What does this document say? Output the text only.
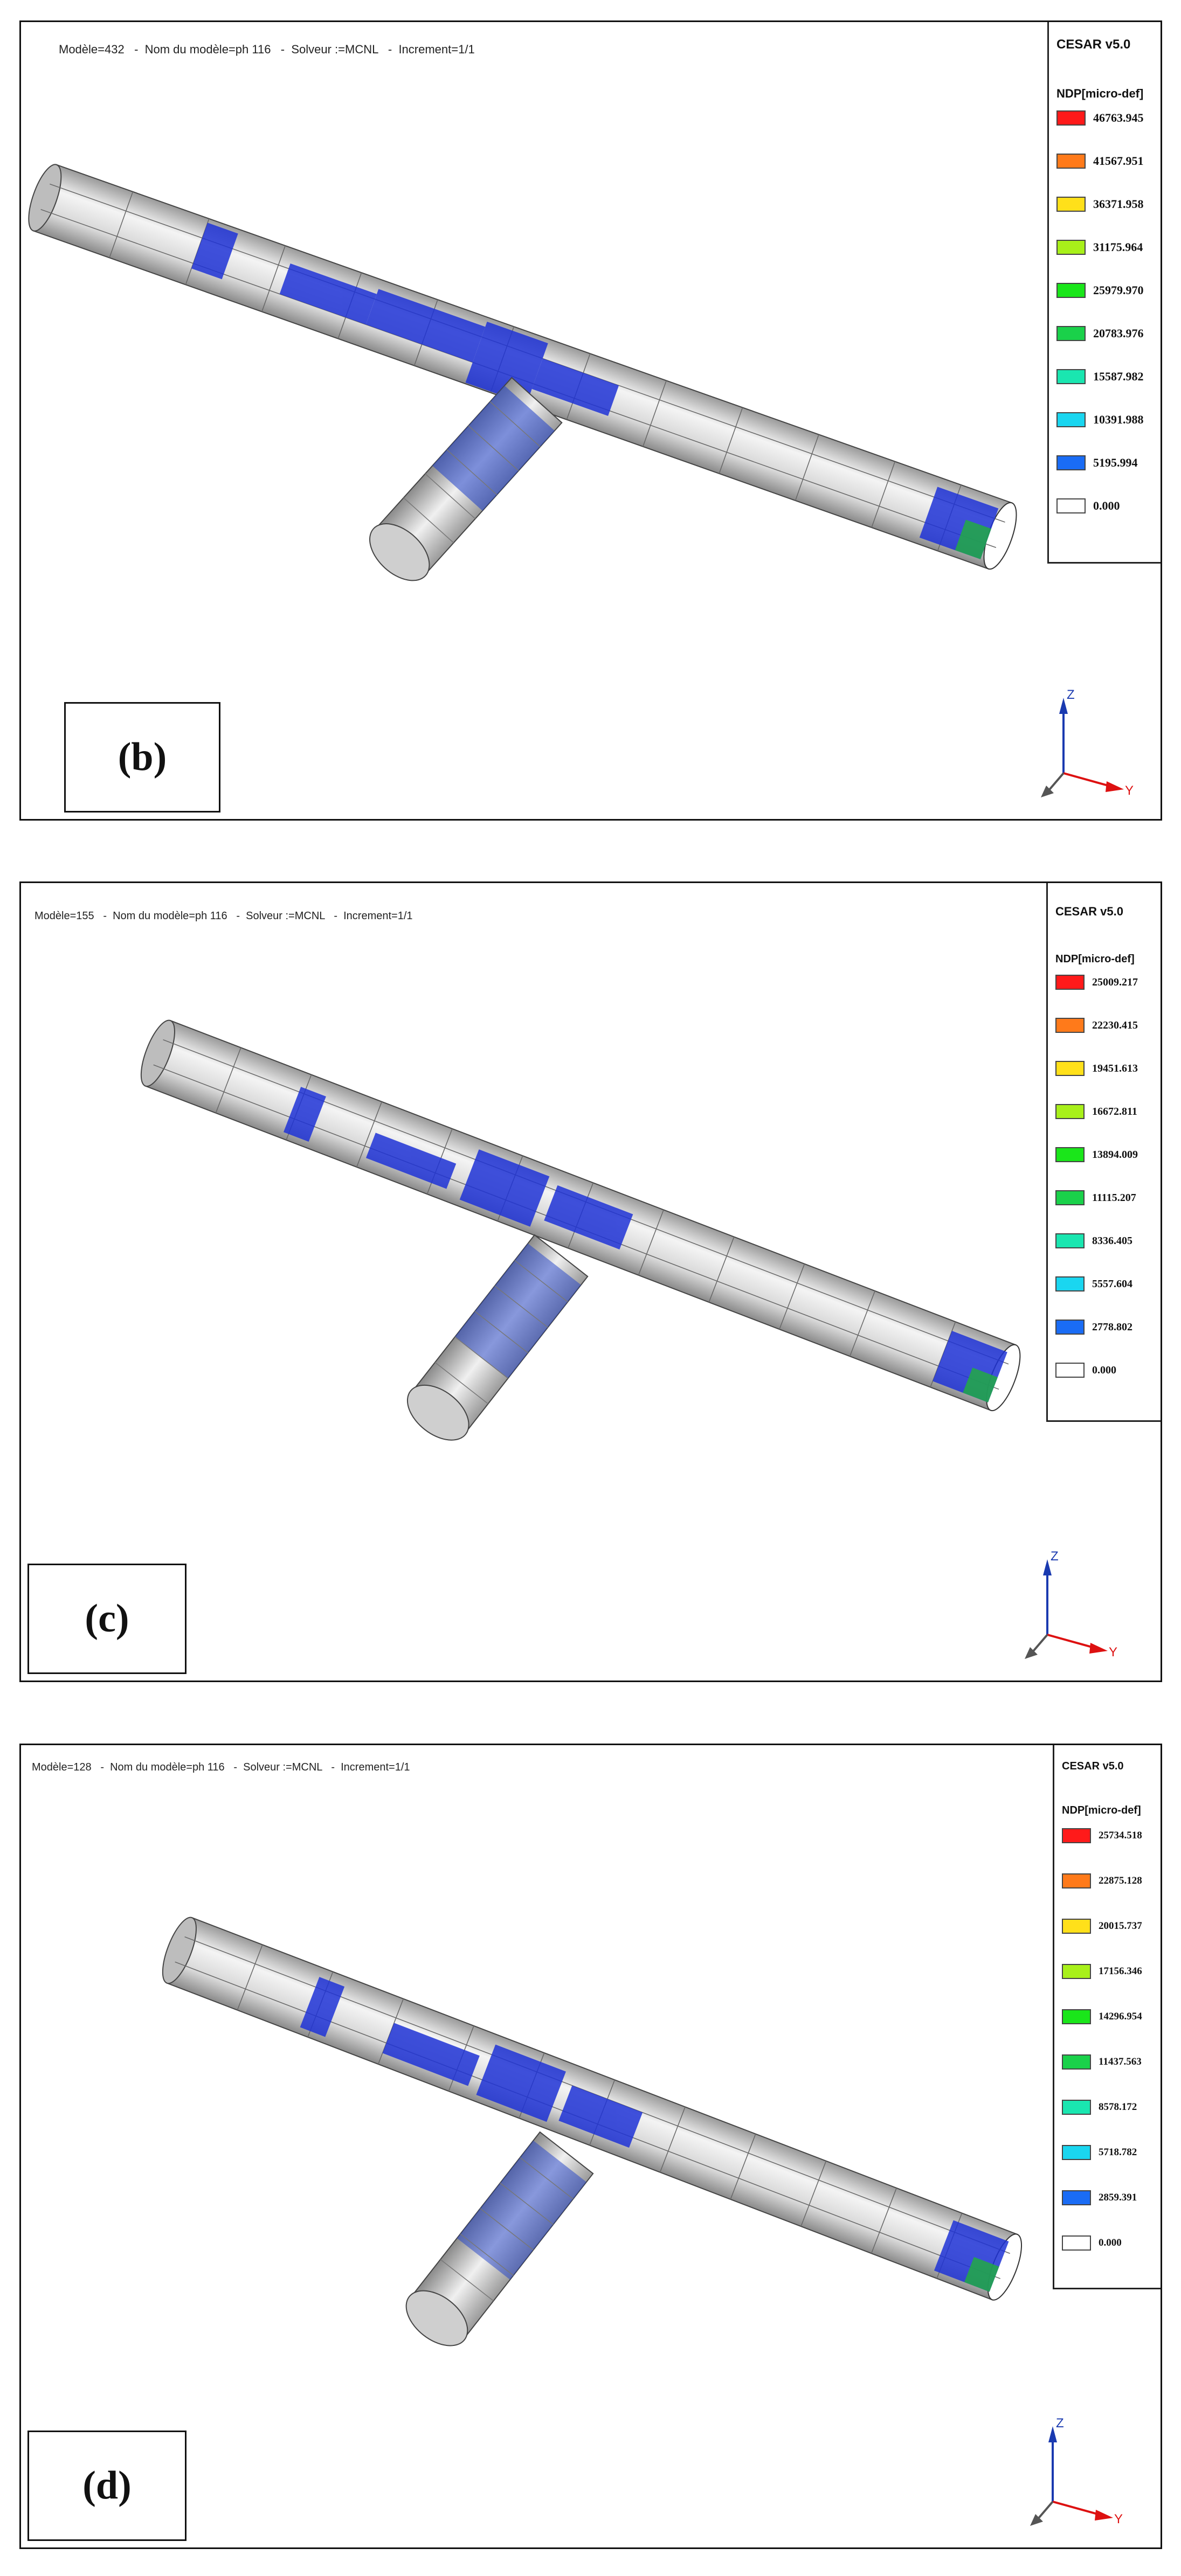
Modèle=432 - Nom du modèle=ph 116 - Solveur :=MCNL - Increment=1/1	CESAR v5.0
NDP[micro-def]
46763.945
41567.951
36371.958
31175.964
25979.970
20783.976
15587.982
10391.988
5195.994
0.000
(b)
Z
Y
Modèle=155 - Nom du modèle=ph 116 - Solveur :=MCNL - Increment=1/1	CESAR v5.0
NDP[micro-def]
25009.217
22230.415
19451.613
16672.811
13894.009
11115.207
8336.405
5557.604
2778.802
0.000
(c)
Z
Y
Modèle=128 - Nom du modèle=ph 116 - Solveur :=MCNL - Increment=1/1	CESAR v5.0
NDP[micro-def]
25734.518
22875.128
20015.737
17156.346
14296.954
11437.563
8578.172
5718.782
2859.391
0.000
(d)
Z
Y
